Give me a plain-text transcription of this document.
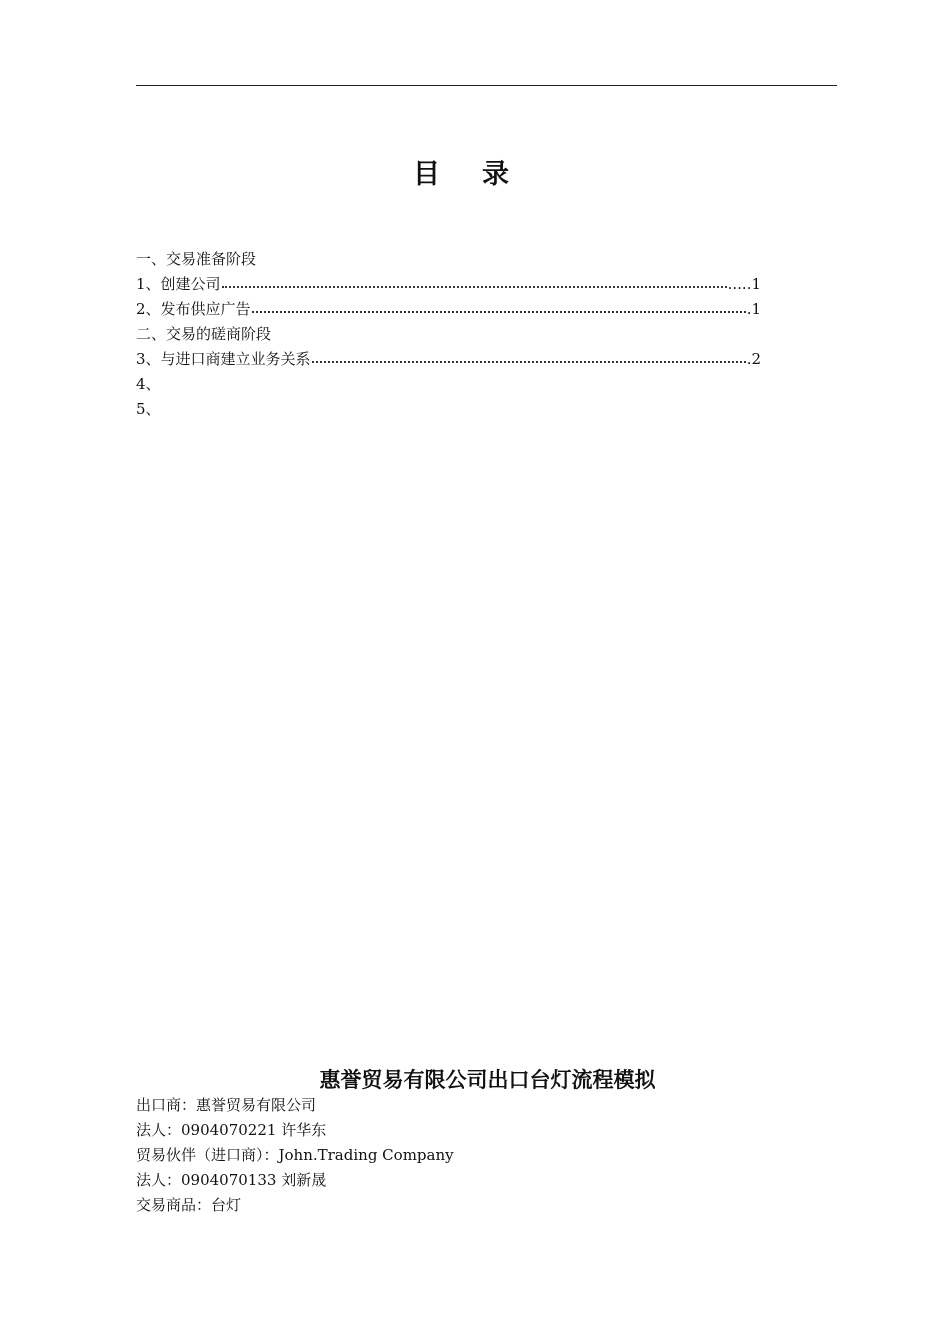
目录
一、交易准备阶段
1、创建公司	.....1
2、发布供应广告	.1
二、交易的磋商阶段
3、与进口商建立业务关系	.2
4、
5、
惠誉贸易有限公司出口台灯流程模拟
出口商：惠誉贸易有限公司
法人：0904070221 许华东
贸易伙伴（进口商）：John.Trading Company
法人：0904070133 刘新晟
交易商品：台灯
